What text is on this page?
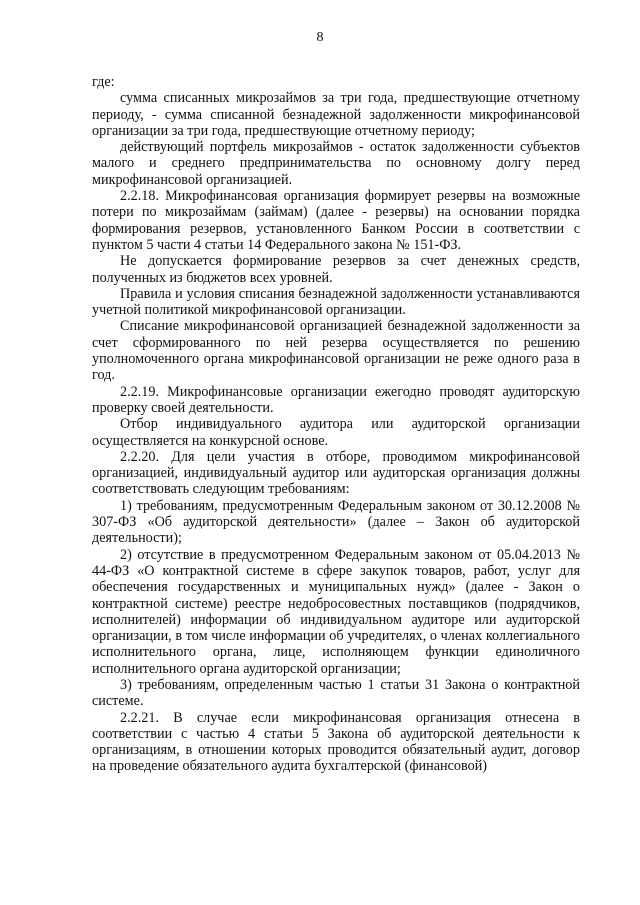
8

где:

сумма списанных микрозаймов за три года, предшествующие отчетному периоду, - сумма списанной безнадежной задолженности микрофинансовой организации за три года, предшествующие отчетному периоду;

действующий портфель микрозаймов - остаток задолженности субъектов малого и среднего предпринимательства по основному долгу перед микрофинансовой организацией.

2.2.18. Микрофинансовая организация формирует резервы на возможные потери по микрозаймам (займам) (далее - резервы) на основании порядка формирования резервов, установленного Банком России в соответствии с пунктом 5 части 4 статьи 14 Федерального закона № 151-ФЗ.

Не допускается формирование резервов за счет денежных средств, полученных из бюджетов всех уровней.

Правила и условия списания безнадежной задолженности устанавливаются учетной политикой микрофинансовой организации.

Списание микрофинансовой организацией безнадежной задолженности за счет сформированного по ней резерва осуществляется по решению уполномоченного органа микрофинансовой организации не реже одного раза в год.

2.2.19. Микрофинансовые организации ежегодно проводят аудиторскую проверку своей деятельности.

Отбор индивидуального аудитора или аудиторской организации осуществляется на конкурсной основе.

2.2.20. Для цели участия в отборе, проводимом микрофинансовой организацией, индивидуальный аудитор или аудиторская организация должны соответствовать следующим требованиям:

1) требованиям, предусмотренным Федеральным законом от 30.12.2008 № 307-ФЗ «Об аудиторской деятельности» (далее – Закон об аудиторской деятельности);

2) отсутствие в предусмотренном Федеральным законом от 05.04.2013 № 44-ФЗ «О контрактной системе в сфере закупок товаров, работ, услуг для обеспечения государственных и муниципальных нужд» (далее - Закон о контрактной системе) реестре недобросовестных поставщиков (подрядчиков, исполнителей) информации об индивидуальном аудиторе или аудиторской организации, в том числе информации об учредителях, о членах коллегиального исполнительного органа, лице, исполняющем функции единоличного исполнительного органа аудиторской организации;

3) требованиям, определенным частью 1 статьи 31 Закона о контрактной системе.

2.2.21. В случае если микрофинансовая организация отнесена в соответствии с частью 4 статьи 5 Закона об аудиторской деятельности к организациям, в отношении которых проводится обязательный аудит, договор на проведение обязательного аудита бухгалтерской (финансовой)
